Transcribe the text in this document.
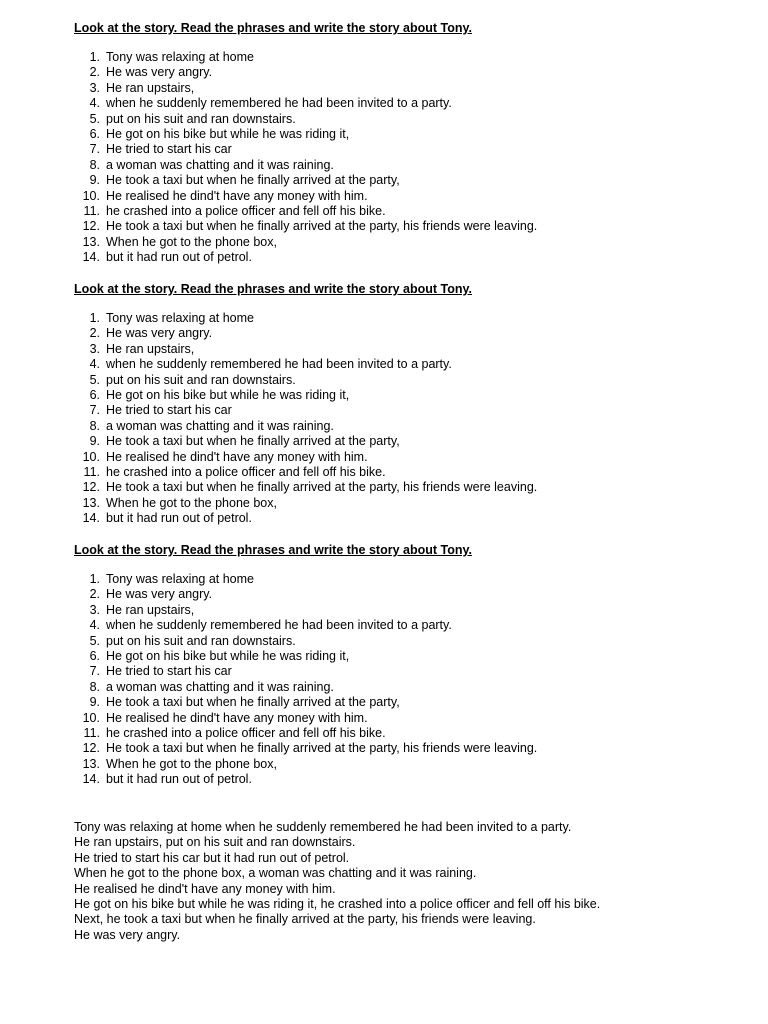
Look at the story. Read the phrases and write the story about Tony.

1. Tony was relaxing at home
2. He was very angry.
3. He ran upstairs,
4. when he suddenly remembered he had been invited to a party.
5. put on his suit and ran downstairs.
6. He got on his bike but while he was riding it,
7. He tried to start his car
8. a woman was chatting and it was raining.
9. He took a taxi but when he finally arrived at the party,
10. He realised he dind't have any money with him.
11. he crashed into a police officer and fell off his bike.
12. He took a taxi but when he finally arrived at the party, his friends were leaving.
13. When he got to the phone box,
14. but it had run out of petrol.

Look at the story. Read the phrases and write the story about Tony.

1. Tony was relaxing at home
2. He was very angry.
3. He ran upstairs,
4. when he suddenly remembered he had been invited to a party.
5. put on his suit and ran downstairs.
6. He got on his bike but while he was riding it,
7. He tried to start his car
8. a woman was chatting and it was raining.
9. He took a taxi but when he finally arrived at the party,
10. He realised he dind't have any money with him.
11. he crashed into a police officer and fell off his bike.
12. He took a taxi but when he finally arrived at the party, his friends were leaving.
13. When he got to the phone box,
14. but it had run out of petrol.

Look at the story. Read the phrases and write the story about Tony.

1. Tony was relaxing at home
2. He was very angry.
3. He ran upstairs,
4. when he suddenly remembered he had been invited to a party.
5. put on his suit and ran downstairs.
6. He got on his bike but while he was riding it,
7. He tried to start his car
8. a woman was chatting and it was raining.
9. He took a taxi but when he finally arrived at the party,
10. He realised he dind't have any money with him.
11. he crashed into a police officer and fell off his bike.
12. He took a taxi but when he finally arrived at the party, his friends were leaving.
13. When he got to the phone box,
14. but it had run out of petrol.

Tony was relaxing at home when he suddenly remembered he had been invited to a party.

He ran upstairs, put on his suit and ran downstairs.

He tried to start his car but it had run out of petrol.

When he got to the phone box, a woman was chatting and it was raining.

He realised he dind't have any money with him.

He got on his bike but while he was riding it, he crashed into a police officer and fell off his bike.

Next, he took a taxi but when he finally arrived at the party, his friends were leaving.

He was very angry.
